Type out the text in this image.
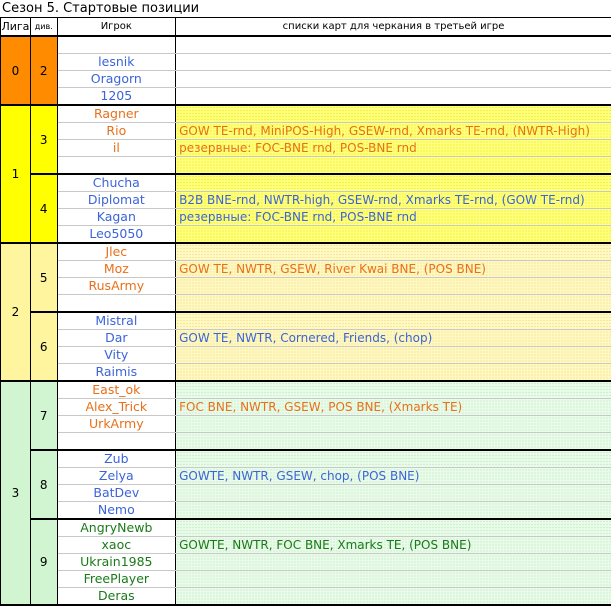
Сезон 5. Стартовые позиции
Лига	див.	Игрок	списки карт для черкания в третьей игре
0	2		
		lesnik	
		Oragorn	
		1205	
1	3	Ragner	
		Rio	GOW TE-rnd, MiniPOS-High, GSEW-rnd, Xmarks TE-rnd, (NWTR-High)
		il	резервные: FOC-BNE rnd, POS-BNE rnd

	4	Chucha	
		Diplomat	B2B BNE-rnd, NWTR-high, GSEW-rnd, Xmarks TE-rnd, (GOW TE-rnd)
		Kagan	резервные: FOC-BNE rnd, POS-BNE rnd
		Leo5050	
2	5	Jlec	
		Moz	GOW TE, NWTR, GSEW, River Kwai BNE, (POS BNE)
		RusArmy	

	6	Mistral	
		Dar	GOW TE, NWTR, Cornered, Friends, (chop)
		Vity	
		Raimis	
3	7	East_ok	
		Alex_Trick	FOC BNE, NWTR, GSEW, POS BNE, (Xmarks TE)
		UrkArmy	

	8	Zub	
		Zelya	GOWTE, NWTR, GSEW, chop, (POS BNE)
		BatDev	
		Nemo	
	9	AngryNewb	
		xaoc	GOWTE, NWTR, FOC BNE, Xmarks TE, (POS BNE)
		Ukrain1985	
		FreePlayer	
		Deras	
